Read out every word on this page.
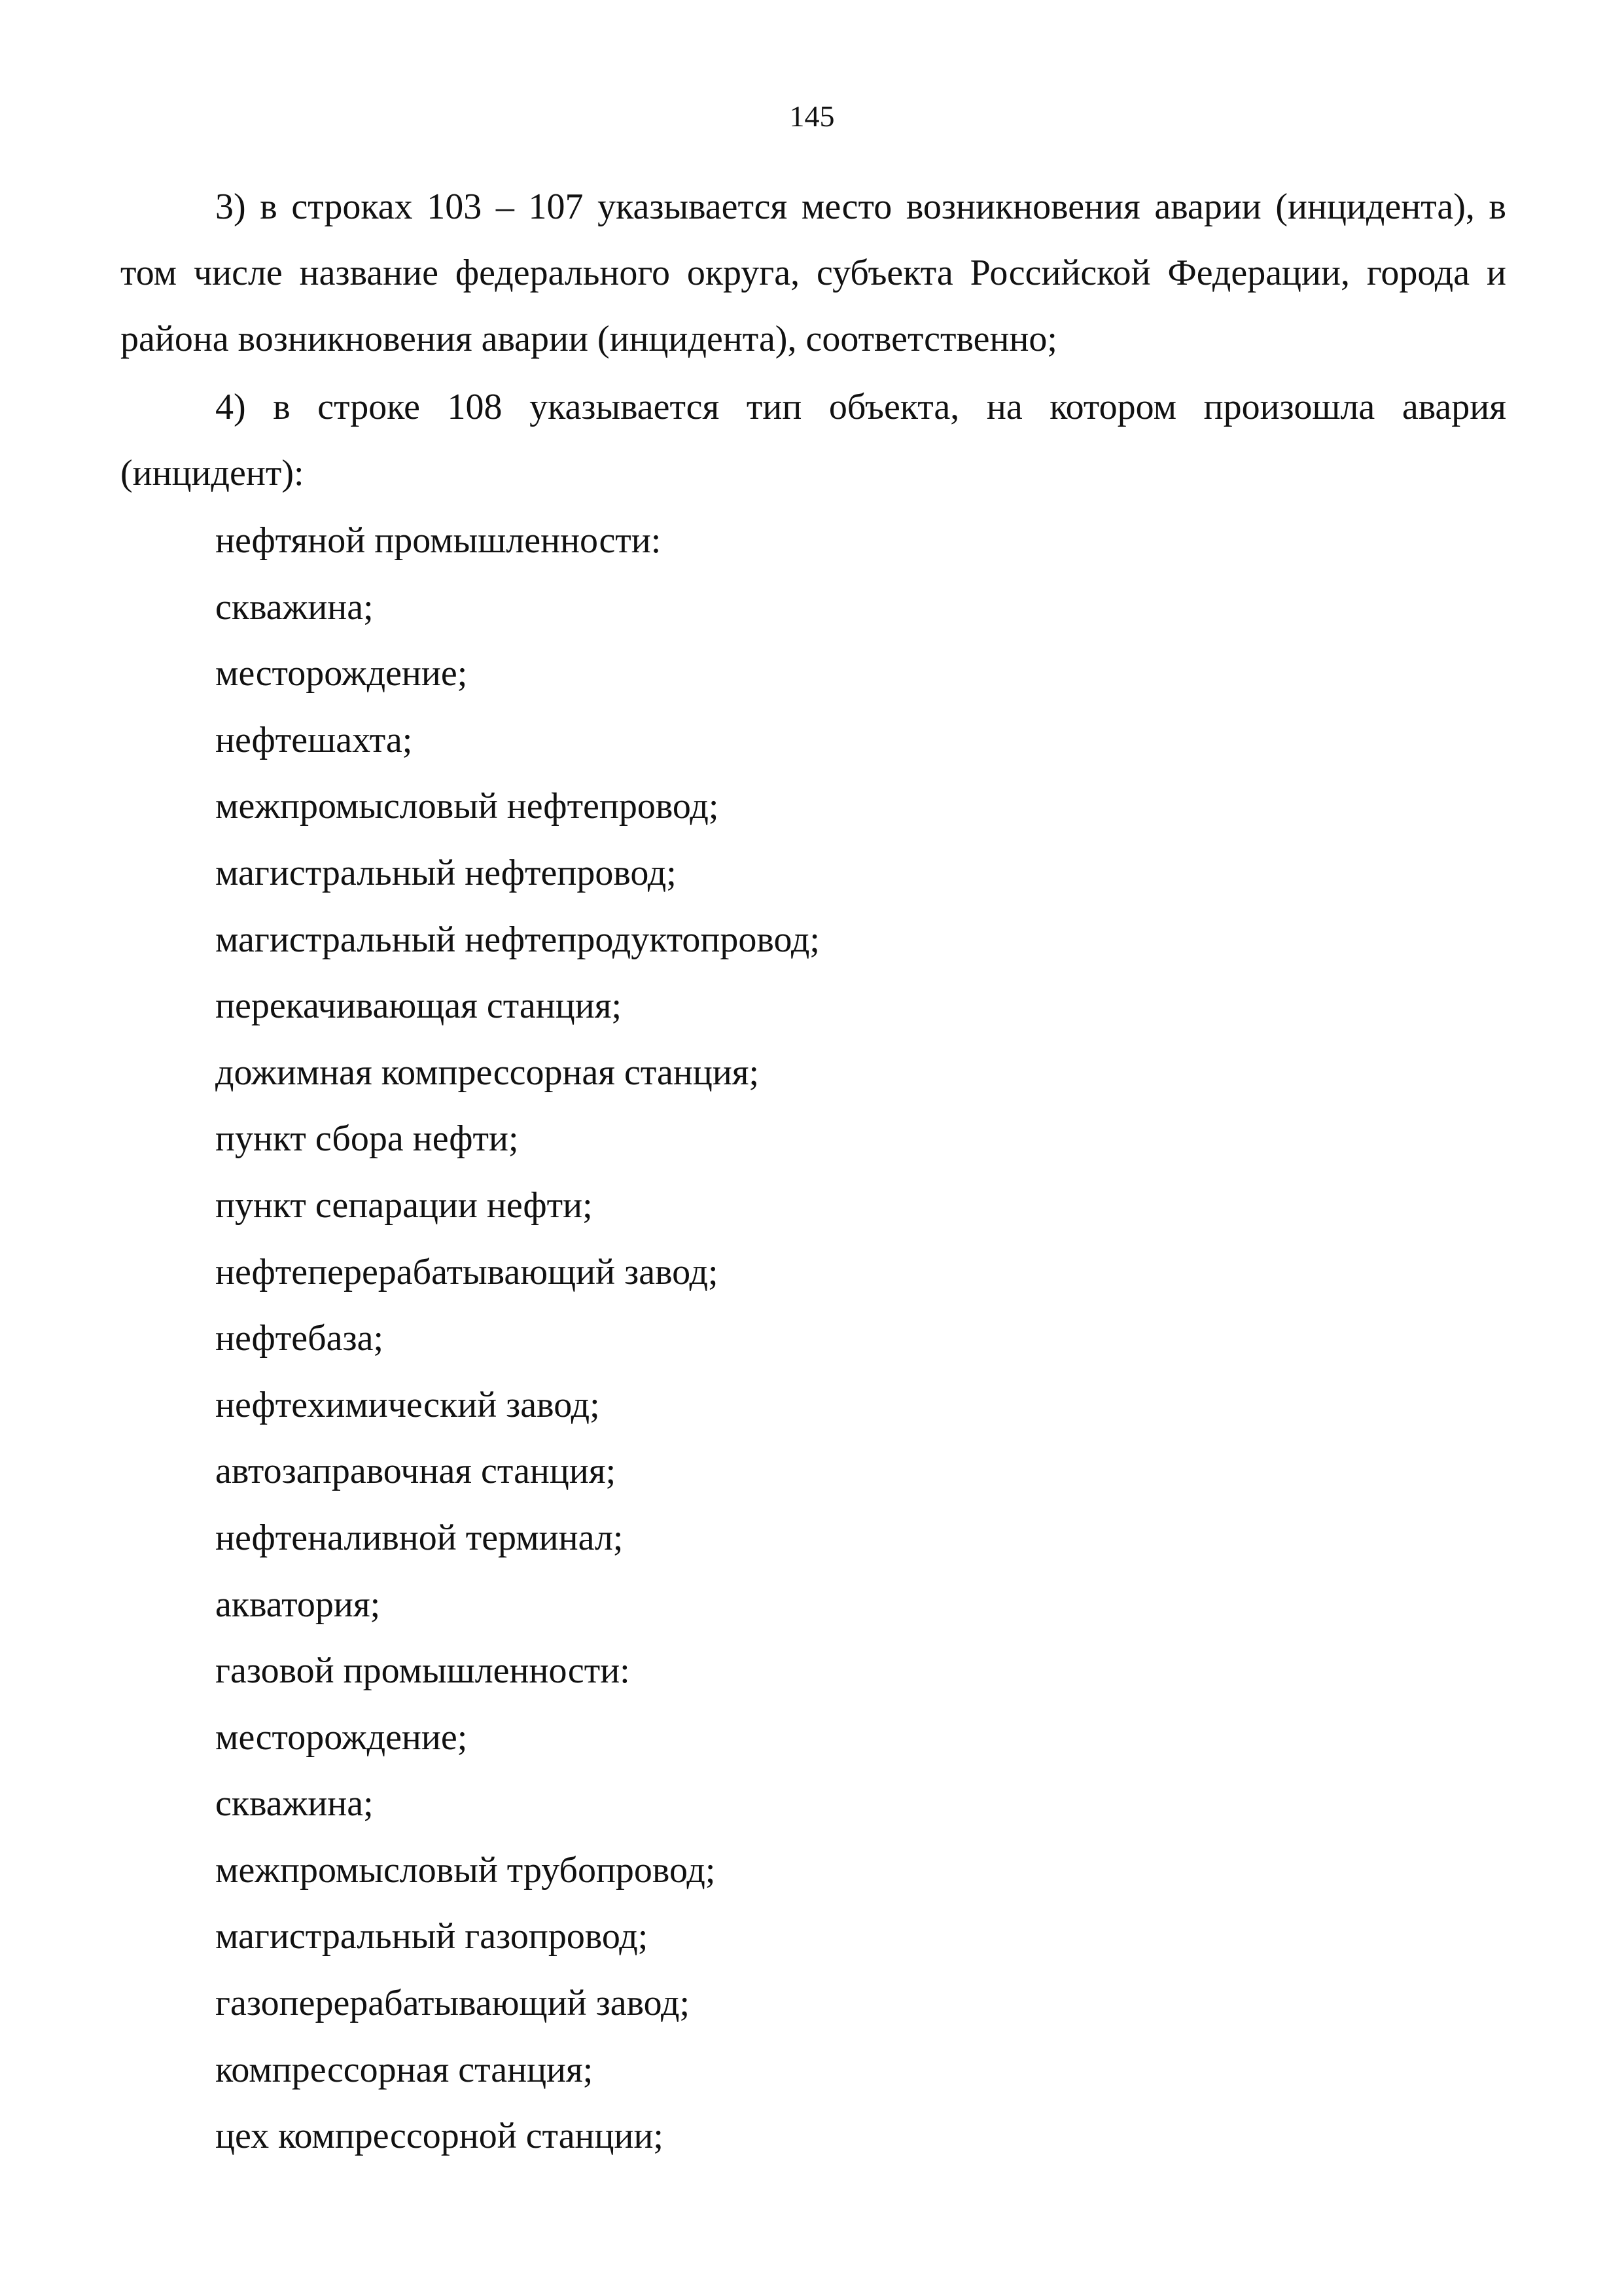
145

3) в строках 103 – 107 указывается место возникновения аварии (инцидента), в том числе название федерального округа, субъекта Российской Федерации, города и района возникновения аварии (инцидента), соответственно;

4) в строке 108 указывается тип объекта, на котором произошла авария (инцидент):

нефтяной промышленности:
скважина;
месторождение;
нефтешахта;
межпромысловый нефтепровод;
магистральный нефтепровод;
магистральный нефтепродуктопровод;
перекачивающая станция;
дожимная компрессорная станция;
пункт сбора нефти;
пункт сепарации нефти;
нефтеперерабатывающий завод;
нефтебаза;
нефтехимический завод;
автозаправочная станция;
нефтеналивной терминал;
акватория;
газовой промышленности:
месторождение;
скважина;
межпромысловый трубопровод;
магистральный газопровод;
газоперерабатывающий завод;
компрессорная станция;
цех компрессорной станции;
